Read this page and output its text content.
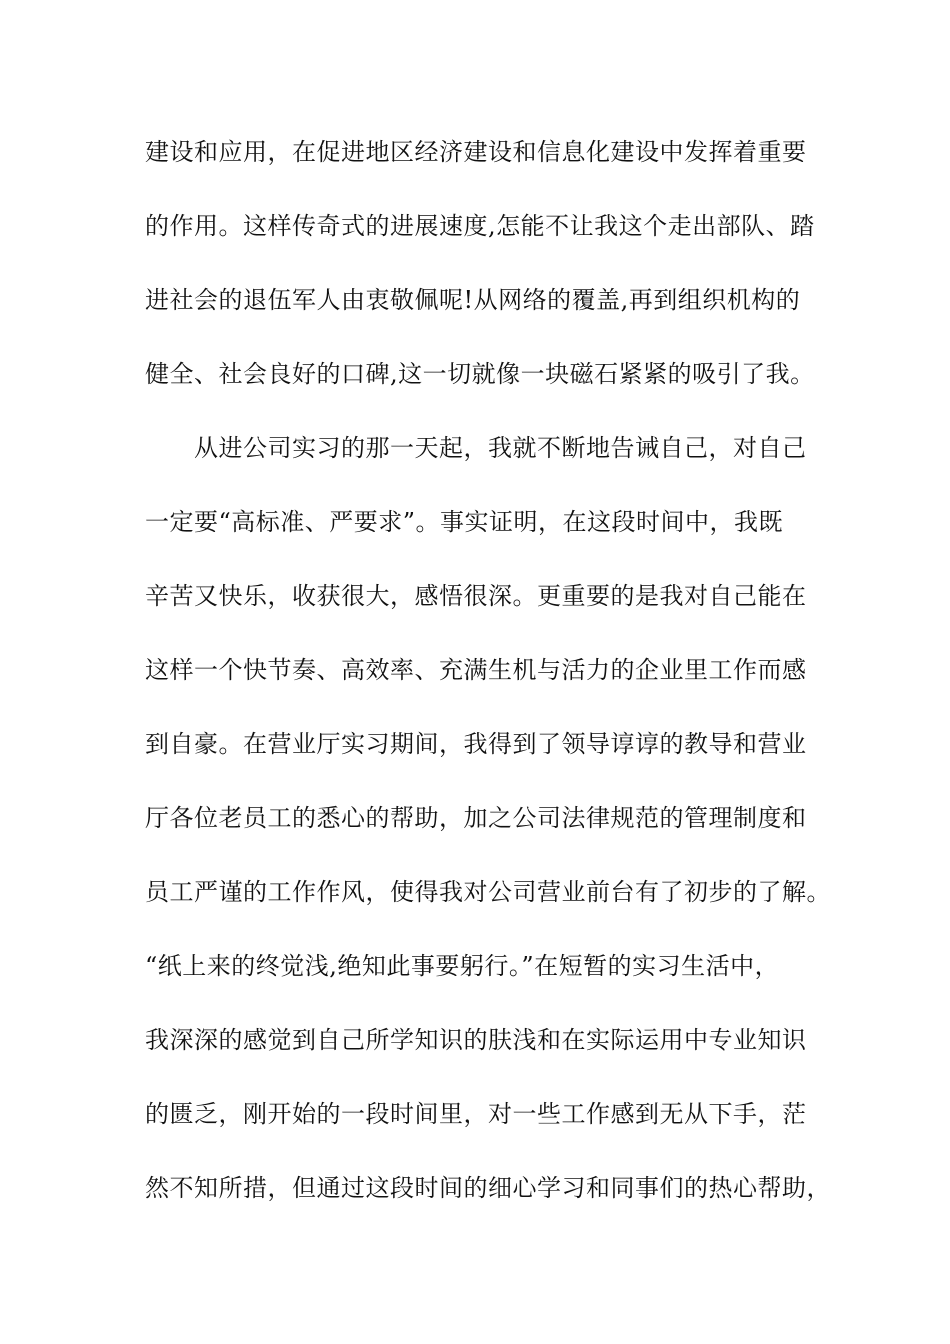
建设和应用，在促进地区经济建设和信息化建设中发挥着重要
的作用。这样传奇式的进展速度,怎能不让我这个走出部队、踏
进社会的退伍军人由衷敬佩呢!从网络的覆盖,再到组织机构的
健全、社会良好的口碑,这一切就像一块磁石紧紧的吸引了我。
　　从进公司实习的那一天起，我就不断地告诫自己，对自己
一定要“高标准、严要求”。事实证明，在这段时间中，我既
辛苦又快乐，收获很大，感悟很深。更重要的是我对自己能在
这样一个快节奏、高效率、充满生机与活力的企业里工作而感
到自豪。在营业厅实习期间，我得到了领导谆谆的教导和营业
厅各位老员工的悉心的帮助，加之公司法律规范的管理制度和
员工严谨的工作作风，使得我对公司营业前台有了初步的了解。
“纸上来的终觉浅,绝知此事要躬行。”在短暂的实习生活中，
我深深的感觉到自己所学知识的肤浅和在实际运用中专业知识
的匮乏，刚开始的一段时间里，对一些工作感到无从下手，茫
然不知所措，但通过这段时间的细心学习和同事们的热心帮助，
